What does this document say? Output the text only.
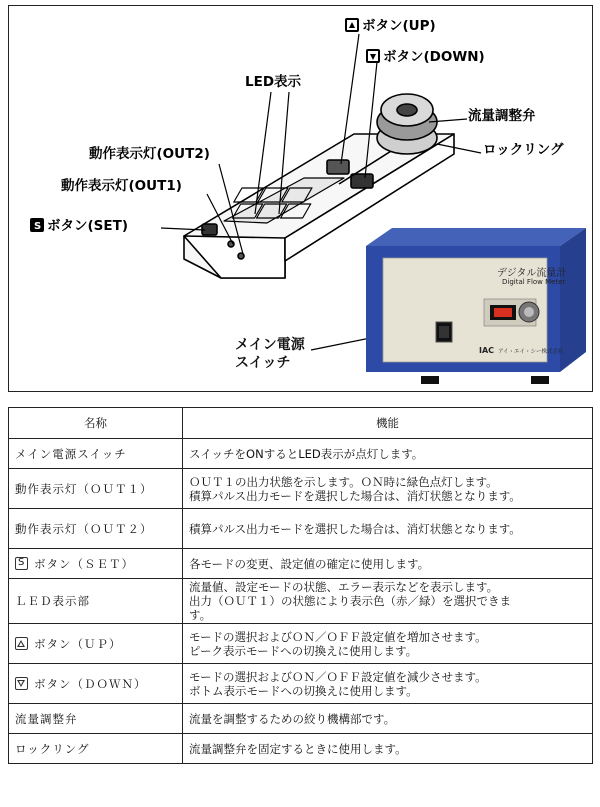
ボタン(UP)
ボタン(DOWN)
LED表示
流量調整弁
ロックリング
動作表示灯(OUT2)
動作表示灯(OUT1)
Sボタン(SET)
メイン電源
スイッチ
デジタル流量計
Digital Flow Meter
IAC アイ・エイ・シー株式会社
名称	機能
メイン電源スイッチ	スイッチをONするとLED表示が点灯します。

動作表示灯（ＯＵＴ１）	ＯＵＴ１の出力状態を示します。ＯＮ時に緑色点灯します。
積算パルス出力モードを選択した場合は、消灯状態となります。

動作表示灯（ＯＵＴ２）	積算パルス出力モードを選択した場合は、消灯状態となります。

Sボタン（ＳＥＴ）	各モードの変更、設定値の確定に使用します。

ＬＥＤ表示部	流量値、設定モードの状態、エラー表示などを表示します。
出力（ＯＵＴ１）の状態により表示色（赤／緑）を選択できま
す。

ボタン（ＵＰ）	モードの選択およびＯＮ／ＯＦＦ設定値を増加させます。
ピーク表示モードへの切換えに使用します。

ボタン（ＤＯＷＮ）	モードの選択およびＯＮ／ＯＦＦ設定値を減少させます。
ボトム表示モードへの切換えに使用します。

流量調整弁	流量を調整するための絞り機構部です。

ロックリング	流量調整弁を固定するときに使用します。
